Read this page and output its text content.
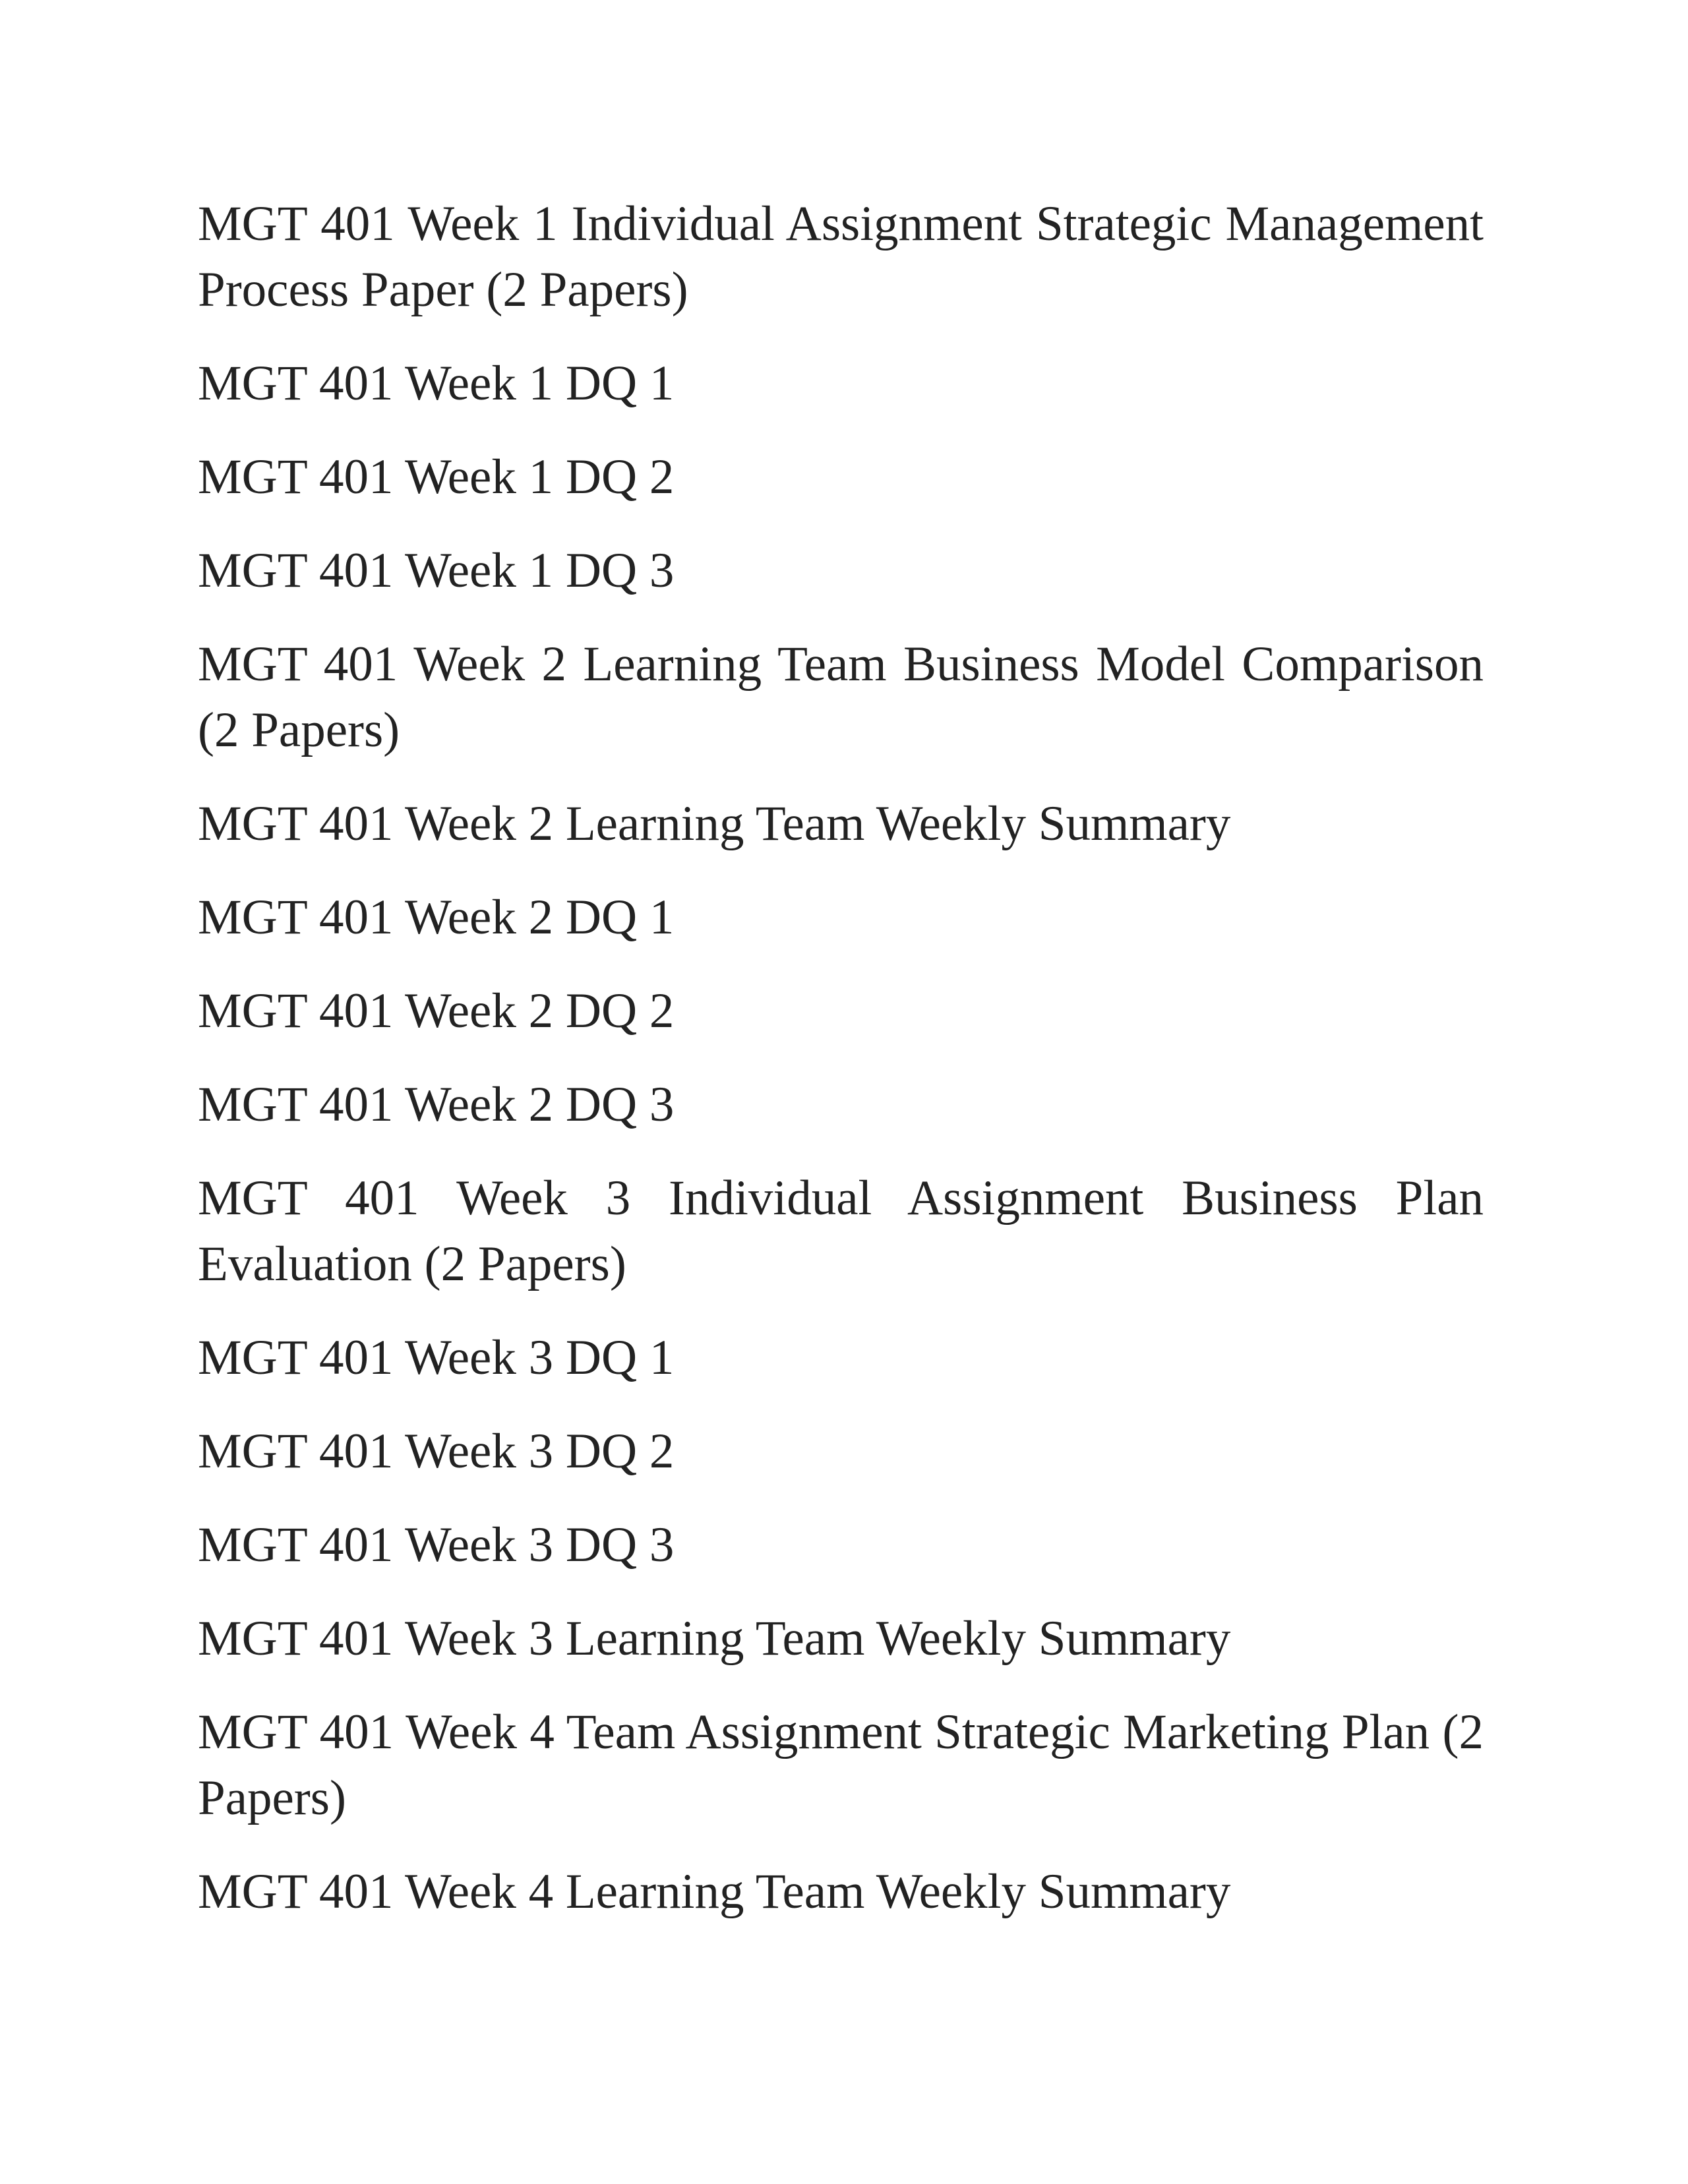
MGT 401 Week 1 Individual Assignment Strategic Management Process Paper (2 Papers)

MGT 401 Week 1 DQ 1

MGT 401 Week 1 DQ 2

MGT 401 Week 1 DQ 3

MGT 401 Week 2 Learning Team Business Model Comparison (2 Papers)

MGT 401 Week 2 Learning Team Weekly Summary

MGT 401 Week 2 DQ 1

MGT 401 Week 2 DQ 2

MGT 401 Week 2 DQ 3

MGT 401 Week 3 Individual Assignment Business Plan Evaluation (2 Papers)

MGT 401 Week 3 DQ 1

MGT 401 Week 3 DQ 2

MGT 401 Week 3 DQ 3

MGT 401 Week 3 Learning Team Weekly Summary

MGT 401 Week 4 Team Assignment Strategic Marketing Plan (2 Papers)

MGT 401 Week 4 Learning Team Weekly Summary
